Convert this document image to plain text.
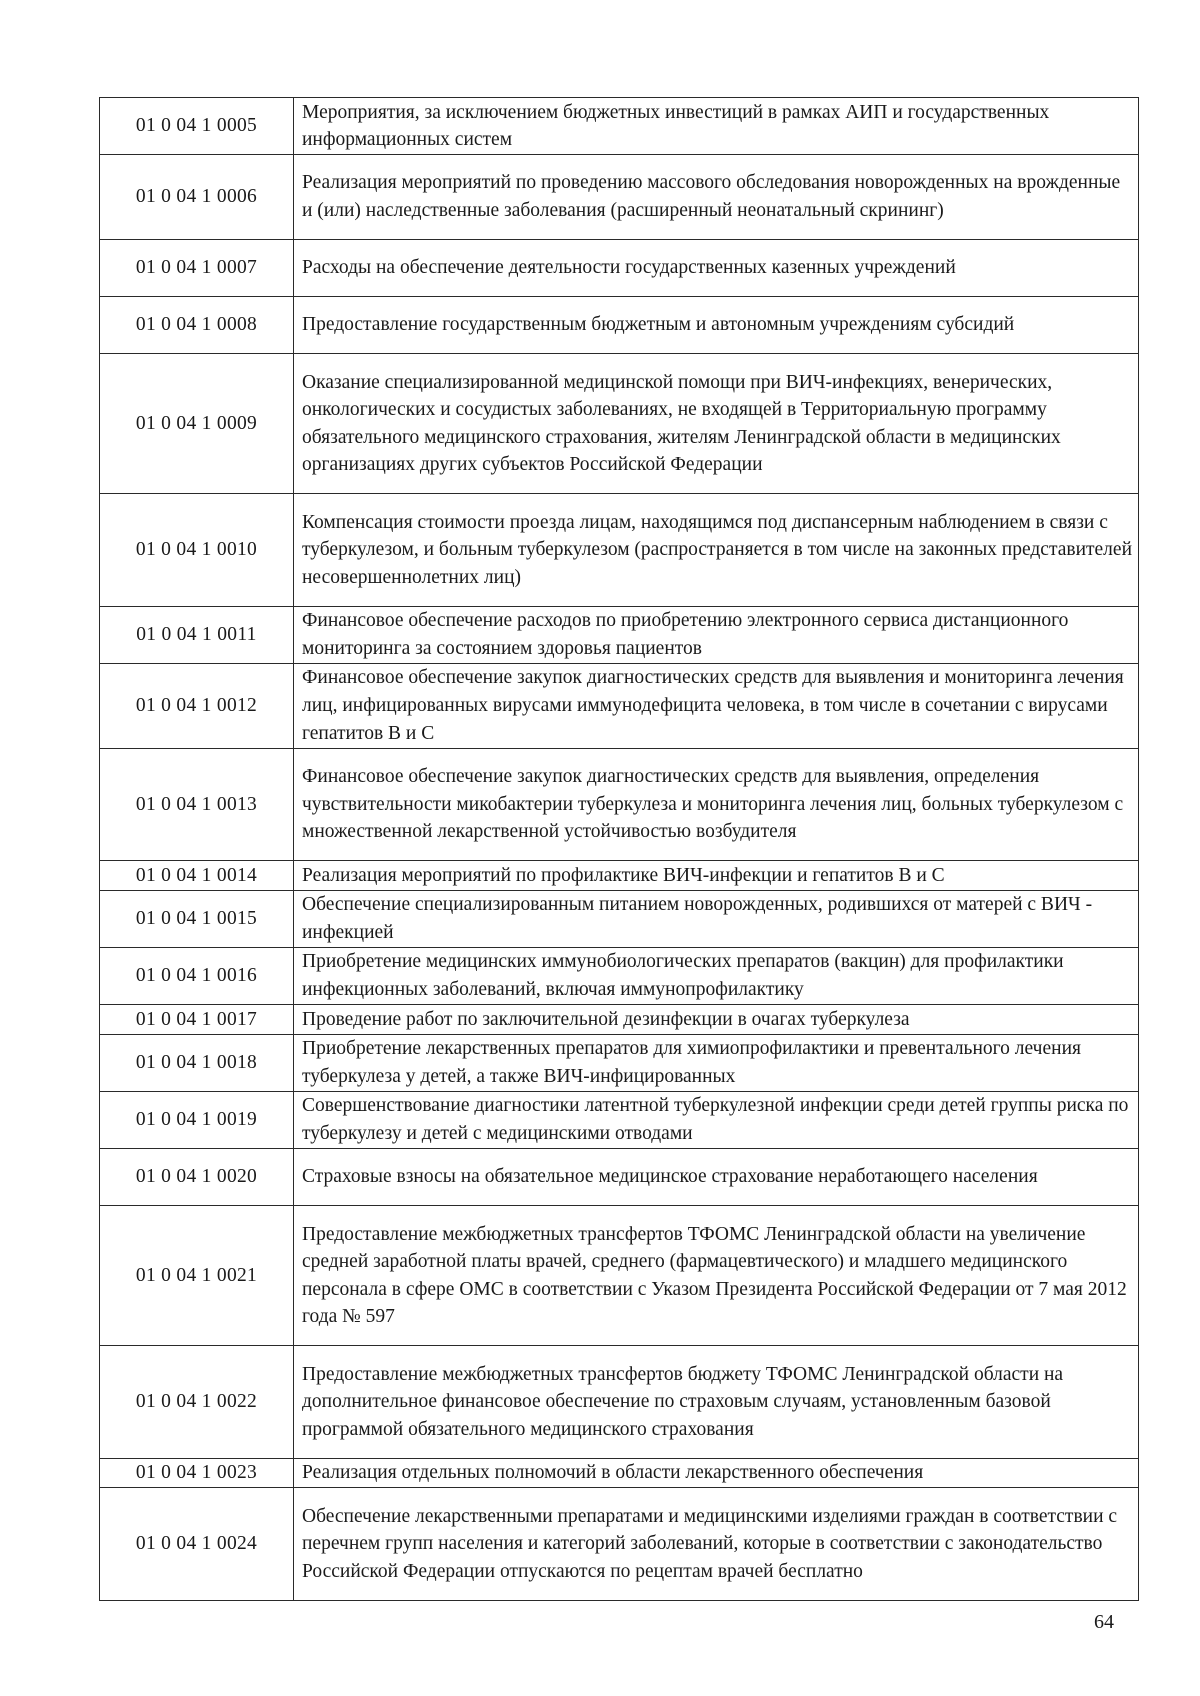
01 0 04 1 0005	Мероприятия, за исключением бюджетных инвестиций в рамках АИП и государственных информационных систем
01 0 04 1 0006	Реализация мероприятий по проведению массового обследования новорожденных на врожденные и (или) наследственные заболевания (расширенный неонатальный скрининг)
01 0 04 1 0007	Расходы на обеспечение деятельности государственных казенных учреждений
01 0 04 1 0008	Предоставление государственным бюджетным и автономным учреждениям субсидий
01 0 04 1 0009	Оказание специализированной медицинской помощи при ВИЧ-инфекциях, венерических, онкологических и сосудистых заболеваниях, не входящей в Территориальную программу обязательного медицинского страхования, жителям Ленинградской области в медицинских организациях других субъектов Российской Федерации
01 0 04 1 0010	Компенсация стоимости проезда лицам, находящимся под диспансерным наблюдением в связи с туберкулезом, и больным туберкулезом (распространяется в том числе на законных представителей несовершеннолетних лиц)
01 0 04 1 0011	Финансовое обеспечение расходов по приобретению электронного сервиса дистанционного мониторинга за состоянием здоровья пациентов
01 0 04 1 0012	Финансовое обеспечение закупок диагностических средств для выявления и мониторинга лечения лиц, инфицированных вирусами иммунодефицита человека, в том числе в сочетании с вирусами гепатитов В и С
01 0 04 1 0013	Финансовое обеспечение закупок диагностических средств для выявления, определения чувствительности микобактерии туберкулеза и мониторинга лечения лиц, больных туберкулезом с множественной лекарственной устойчивостью возбудителя
01 0 04 1 0014	Реализация мероприятий по профилактике ВИЧ-инфекции и гепатитов В и С
01 0 04 1 0015	Обеспечение специализированным питанием новорожденных, родившихся от матерей с ВИЧ - инфекцией
01 0 04 1 0016	Приобретение медицинских иммунобиологических препаратов (вакцин) для профилактики инфекционных заболеваний, включая иммунопрофилактику
01 0 04 1 0017	Проведение работ по заключительной дезинфекции в очагах туберкулеза
01 0 04 1 0018	Приобретение лекарственных препаратов для химиопрофилактики и превентального лечения туберкулеза у детей, а также ВИЧ-инфицированных
01 0 04 1 0019	Совершенствование диагностики латентной туберкулезной инфекции среди детей группы риска по туберкулезу и детей с медицинскими отводами
01 0 04 1 0020	Страховые взносы на обязательное медицинское страхование неработающего населения
01 0 04 1 0021	Предоставление межбюджетных трансфертов ТФОМС Ленинградской области на увеличение средней заработной платы врачей, среднего (фармацевтического) и младшего медицинского персонала в сфере ОМС в соответствии с Указом Президента Российской Федерации от 7 мая 2012 года № 597
01 0 04 1 0022	Предоставление межбюджетных трансфертов бюджету ТФОМС Ленинградской области на дополнительное финансовое обеспечение по страховым случаям, установленным базовой программой обязательного медицинского страхования
01 0 04 1 0023	Реализация отдельных полномочий в области лекарственного обеспечения
01 0 04 1 0024	Обеспечение лекарственными препаратами и медицинскими изделиями граждан в соответствии с перечнем групп населения и категорий заболеваний, которые в соответствии с законодательство Российской Федерации отпускаются по рецептам врачей бесплатно
64
